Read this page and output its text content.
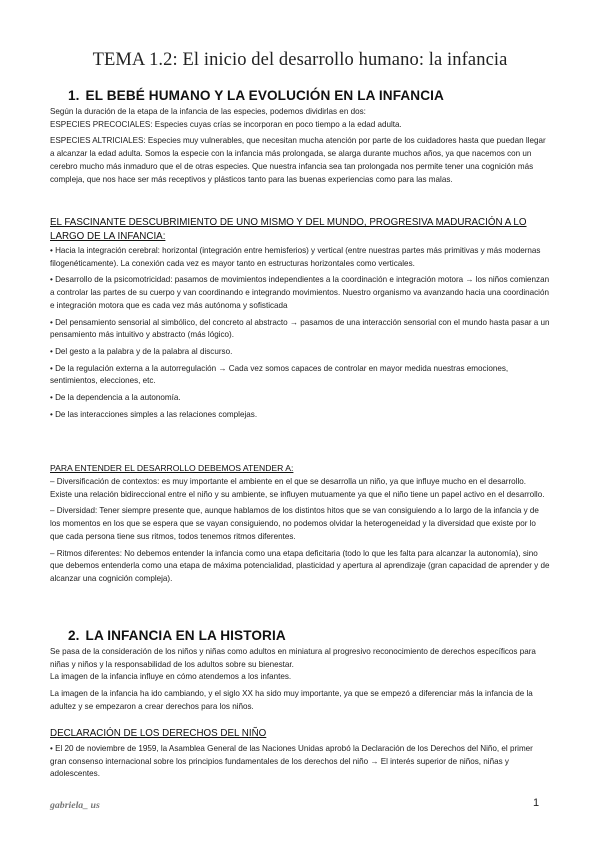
TEMA 1.2: El inicio del desarrollo humano: la infancia
1. EL BEBÉ HUMANO Y LA EVOLUCIÓN EN LA INFANCIA

Según la duración de la etapa de la infancia de las especies, podemos dividirlas en dos:

ESPECIES PRECOCIALES: Especies cuyas crías se incorporan en poco tiempo a la edad adulta.

ESPECIES ALTRICIALES: Especies muy vulnerables, que necesitan mucha atención por parte de los cuidadores hasta que puedan llegar a alcanzar la edad adulta. Somos la especie con la infancia más prolongada, se alarga durante muchos años, ya que nacemos con un cerebro mucho más inmaduro que el de otras especies. Que nuestra infancia sea tan prolongada nos permite tener una cognición más compleja, que nos hace ser más receptivos y plásticos tanto para las buenas experiencias como para las malas.

EL FASCINANTE DESCUBRIMIENTO DE UNO MISMO Y DEL MUNDO, PROGRESIVA MADURACIÓN A LO LARGO DE LA INFANCIA:

• Hacia la integración cerebral: horizontal (integración entre hemisferios) y vertical (entre nuestras partes más primitivas y más modernas filogenéticamente). La conexión cada vez es mayor tanto en estructuras horizontales como verticales.

• Desarrollo de la psicomotricidad: pasamos de movimientos independientes a la coordinación e integración motora → los niños comienzan a controlar las partes de su cuerpo y van coordinando e integrando movimientos. Nuestro organismo va avanzando hacia una coordinación e integración motora que es cada vez más autónoma y sofisticada

• Del pensamiento sensorial al simbólico, del concreto al abstracto → pasamos de una interacción sensorial con el mundo hasta pasar a un pensamiento más intuitivo y abstracto (más lógico).

• Del gesto a la palabra y de la palabra al discurso.

• De la regulación externa a la autorregulación → Cada vez somos capaces de controlar en mayor medida nuestras emociones, sentimientos, elecciones, etc.

• De la dependencia a la autonomía.

• De las interacciones simples a las relaciones complejas.

PARA ENTENDER EL DESARROLLO DEBEMOS ATENDER A:

– Diversificación de contextos: es muy importante el ambiente en el que se desarrolla un niño, ya que influye mucho en el desarrollo. Existe una relación bidireccional entre el niño y su ambiente, se influyen mutuamente ya que el niño tiene un papel activo en el desarrollo.

– Diversidad: Tener siempre presente que, aunque hablamos de los distintos hitos que se van consiguiendo a lo largo de la infancia y de los momentos en los que se espera que se vayan consiguiendo, no podemos olvidar la heterogeneidad y la diversidad que existe por lo que cada persona tiene sus ritmos, todos tenemos ritmos diferentes.

– Ritmos diferentes: No debemos entender la infancia como una etapa deficitaria (todo lo que les falta para alcanzar la autonomía), sino que debemos entenderla como una etapa de máxima potencialidad, plasticidad y apertura al aprendizaje (gran capacidad de aprender y de alcanzar una cognición compleja).

2. LA INFANCIA EN LA HISTORIA

Se pasa de la consideración de los niños y niñas como adultos en miniatura al progresivo reconocimiento de derechos específicos para niñas y niños y la responsabilidad de los adultos sobre su bienestar.

La imagen de la infancia influye en cómo atendemos a los infantes.

La imagen de la infancia ha ido cambiando, y el siglo XX ha sido muy importante, ya que se empezó a diferenciar más la infancia de la adultez y se empezaron a crear derechos para los niños.

DECLARACIÓN DE LOS DERECHOS DEL NIÑO

• El 20 de noviembre de 1959, la Asamblea General de las Naciones Unidas aprobó la Declaración de los Derechos del Niño, el primer gran consenso internacional sobre los principios fundamentales de los derechos del niño → El interés superior de niños, niñas y adolescentes.

gabriela_ us	1
